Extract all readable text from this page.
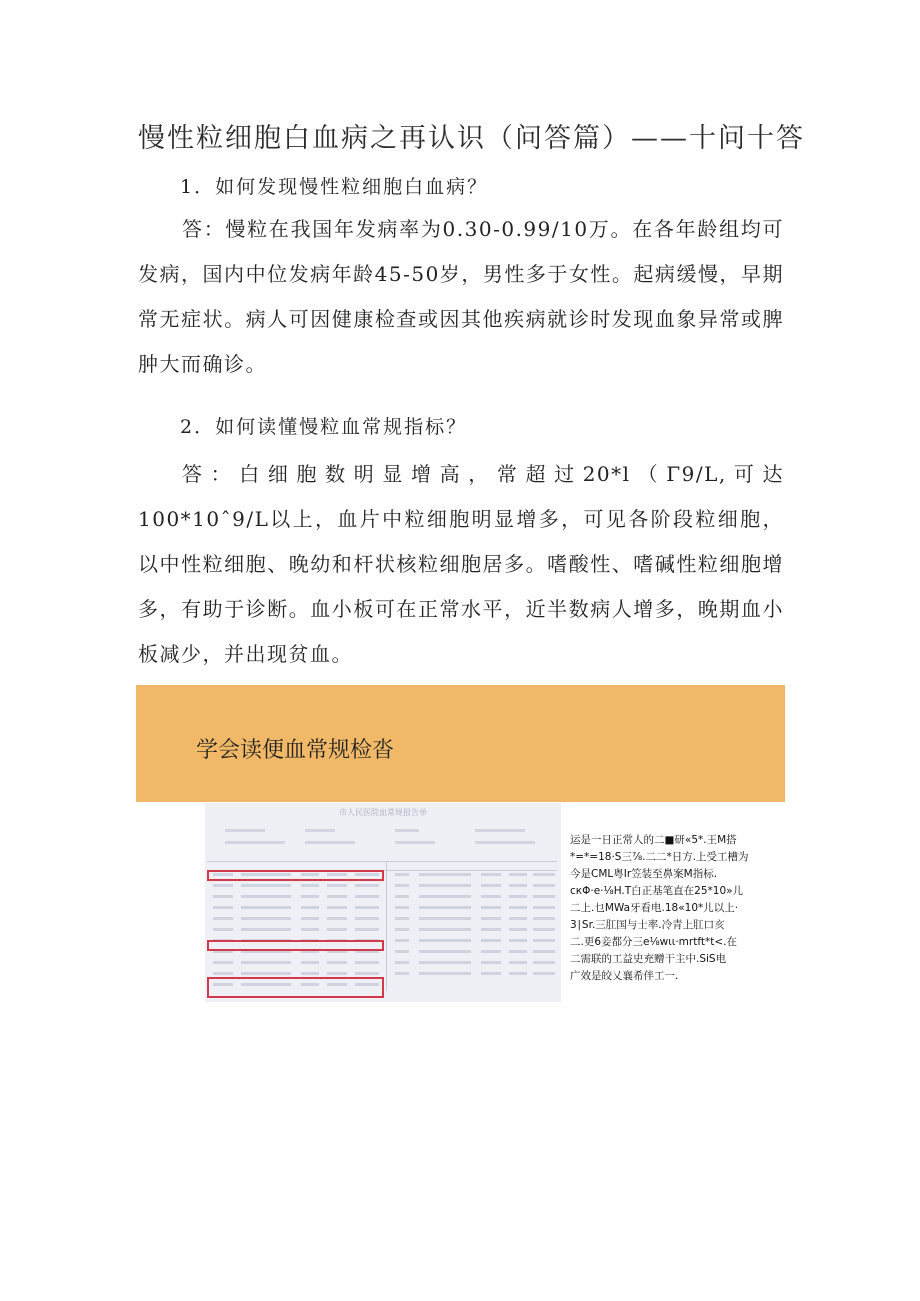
慢性粒细胞白血病之再认识（问答篇）——十问十答
1．如何发现慢性粒细胞白血病？

答：慢粒在我国年发病率为0.30-0.99/10万。在各年龄组均可发病，国内中位发病年龄45-50岁，男性多于女性。起病缓慢，早期常无症状。病人可因健康检查或因其他疾病就诊时发现血象异常或脾肿大而确诊。

2．如何读懂慢粒血常规指标？

答：白细胞数明显增高，常超过20*l（Γ9/L,可达100*10ˆ9/L以上，血片中粒细胞明显增多，可见各阶段粒细胞，以中性粒细胞、晚幼和杆状核粒细胞居多。嗜酸性、嗜碱性粒细胞增多，有助于诊断。血小板可在正常水平，近半数病人增多，晚期血小板减少，并出现贫血。

学会读便血常规检沓
市人民医院血常规报告单
运是一日正常人的二■研«5*.王M搭
*=*=18·S三⅞.二二*日方.上受工槽为
今是CML粤Ir笠装至鼻案M指标.
cкΦ·e·⅛H.T白正基笔直在25*10»儿
二上.乜MWa牙看电.18«10*儿以上·
3∣Sr.三肛国与士率.冷青上肛口亥
二.更6妾都分三e⅛wιι·mrtft*t<.在
二需联的工益史充赠干主中.SiS电
广效是皎乂襄希伴工一.
